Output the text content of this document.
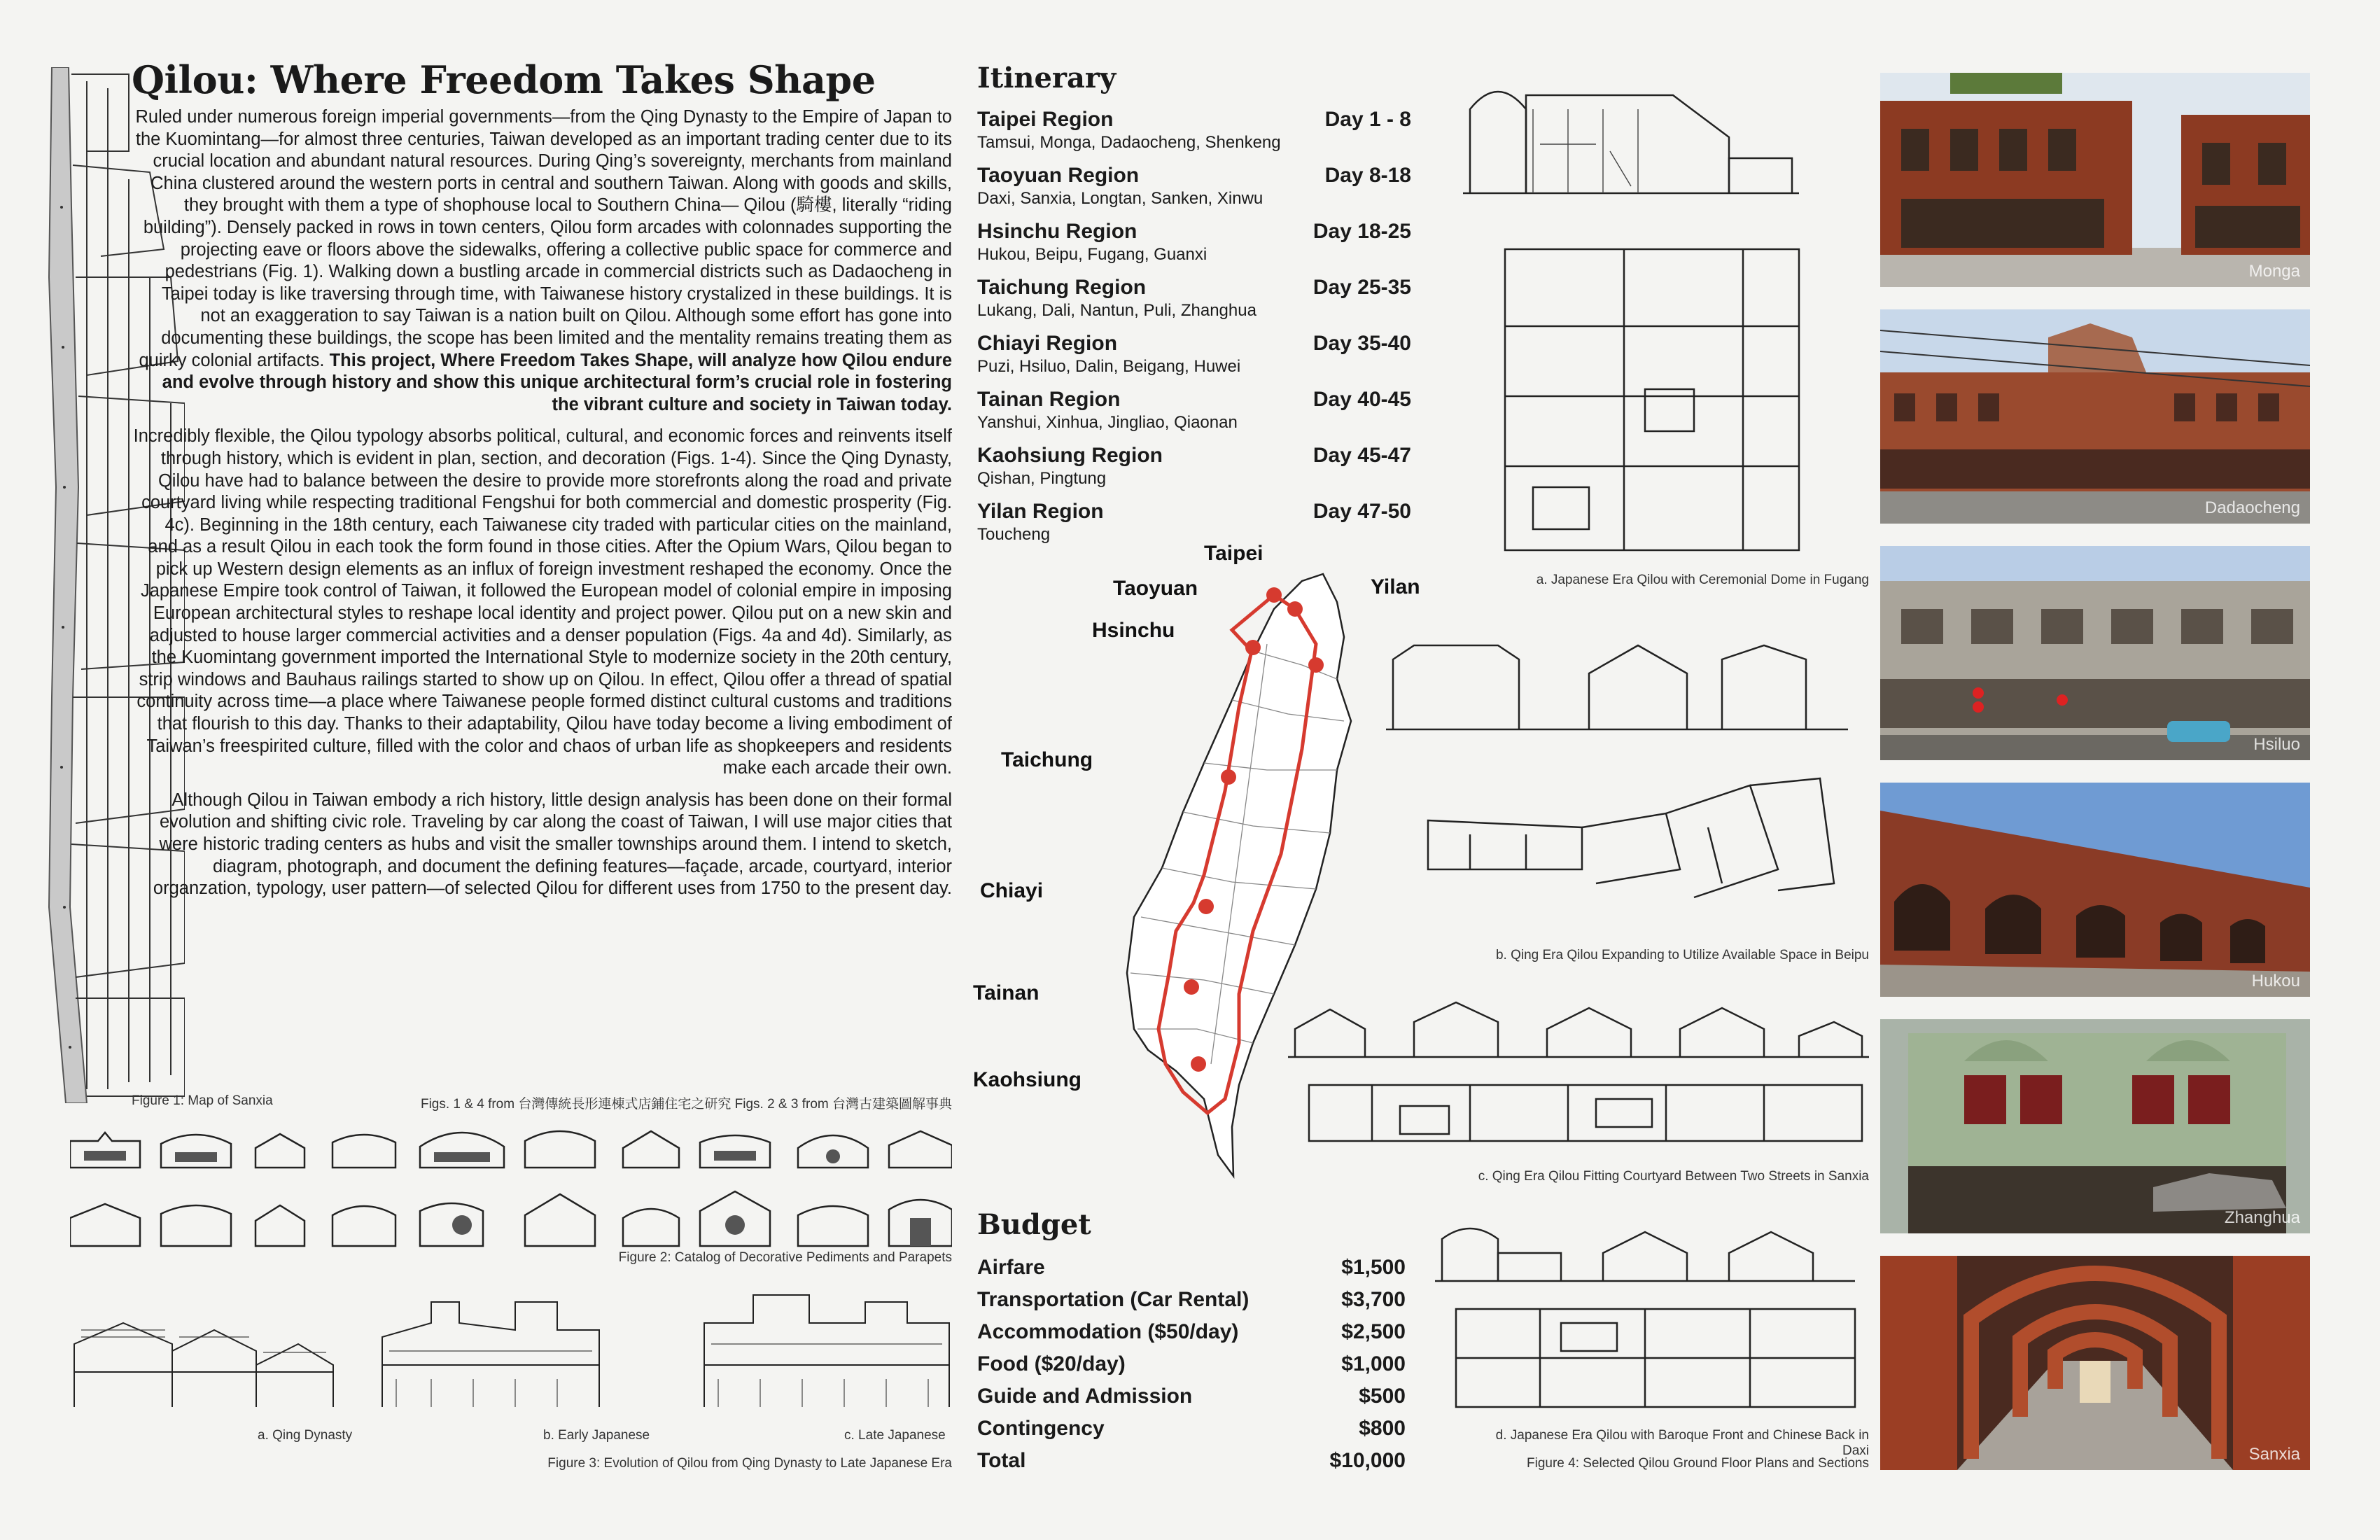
Qilou: Where Freedom Takes Shape

Ruled under numerous foreign imperial governments—from the Qing Dynasty to the Empire of Japan to the Kuomintang—for almost three centuries, Taiwan developed as an important trading center due to its crucial location and abundant natural resources. During Qing’s sovereignty, merchants from mainland China clustered around the western ports in central and southern Taiwan. Along with goods and skills, they brought with them a type of shophouse local to Southern China— Qilou (騎樓, literally “riding building”). Densely packed in rows in town centers, Qilou form arcades with colonnades supporting the projecting eave or floors above the sidewalks, offering a collective public space for commerce and pedestrians (Fig. 1). Walking down a bustling arcade in commercial districts such as Dadaocheng in Taipei today is like traversing through time, with Taiwanese history crystalized in these buildings. It is not an exaggeration to say Taiwan is a nation built on Qilou. Although some effort has gone into documenting these buildings, the scope has been limited and the mentality remains treating them as quirky colonial artifacts. This project, Where Freedom Takes Shape, will analyze how Qilou endure and evolve through history and show this unique architectural form’s crucial role in fostering the vibrant culture and society in Taiwan today.

Incredibly flexible, the Qilou typology absorbs political, cultural, and economic forces and reinvents itself through history, which is evident in plan, section, and decoration (Figs. 1-4). Since the Qing Dynasty, Qilou have had to balance between the desire to provide more storefronts along the road and private courtyard living while respecting traditional Fengshui for both commercial and domestic prosperity (Fig. 4c). Beginning in the 18th century, each Taiwanese city traded with particular cities on the mainland, and as a result Qilou in each took the form found in those cities. After the Opium Wars, Qilou began to pick up Western design elements as an influx of foreign investment reshaped the economy. Once the Japanese Empire took control of Taiwan, it followed the European model of colonial empire in imposing European architectural styles to reshape local identity and project power. Qilou put on a new skin and adjusted to house larger commercial activities and a denser population (Figs. 4a and 4d). Similarly, as the Kuomintang government imported the International Style to modernize society in the 20th century, strip windows and Bauhaus railings started to show up on Qilou. In effect, Qilou offer a thread of spatial continuity across time—a place where Taiwanese people formed distinct cultural customs and traditions that flourish to this day. Thanks to their adaptability, Qilou have today become a living embodiment of Taiwan’s freespirited culture, filled with the color and chaos of urban life as shopkeepers and residents make each arcade their own.

Although Qilou in Taiwan embody a rich history, little design analysis has been done on their formal evolution and shifting civic role. Traveling by car along the coast of Taiwan, I will use major cities that were historic trading centers as hubs and visit the smaller townships around them. I intend to sketch, diagram, photograph, and document the defining features—façade, arcade, courtyard, interior organzation, typology, user pattern—of selected Qilou for different uses from 1750 to the present day.

Figure 1: Map of Sanxia	Figs. 1 & 4 from 台灣傳統長形連棟式店鋪住宅之研究 Figs. 2 & 3 from 台灣古建築圖解事典
Figure 2: Catalog of Decorative Pediments and Parapets
a. Qing Dynasty	b. Early Japanese	c. Late Japanese
Figure 3: Evolution of Qilou from Qing Dynasty to Late Japanese Era
Itinerary
Taipei Region	Day 1 - 8
Tamsui, Monga, Dadaocheng, Shenkeng
Taoyuan Region	Day 8-18
Daxi, Sanxia, Longtan, Sanken, Xinwu
Hsinchu Region	Day 18-25
Hukou, Beipu, Fugang, Guanxi
Taichung Region	Day 25-35
Lukang, Dali, Nantun, Puli, Zhanghua
Chiayi Region	Day 35-40
Puzi, Hsiluo, Dalin, Beigang, Huwei
Tainan Region	Day 40-45
Yanshui, Xinhua, Jingliao, Qiaonan
Kaohsiung Region	Day 45-47
Qishan, Pingtung
Yilan Region	Day 47-50
Toucheng
Taipei
Taoyuan	Yilan
Hsinchu
Taichung
Chiayi
Tainan
Kaohsiung
Budget
Airfare	$1,500
Transportation (Car Rental)	$3,700
Accommodation ($50/day)	$2,500
Food ($20/day)	$1,000
Guide and Admission	$500
Contingency	$800
Total	$10,000
a. Japanese Era Qilou with Ceremonial Dome in Fugang
b. Qing Era Qilou Expanding to Utilize Available Space in Beipu
c. Qing Era Qilou Fitting Courtyard Between Two Streets in Sanxia
d. Japanese Era Qilou with Baroque Front and Chinese Back in Daxi
Figure 4: Selected Qilou Ground Floor Plans and Sections
Monga
Dadaocheng
Hsiluo
Hukou
Zhanghua
Sanxia
